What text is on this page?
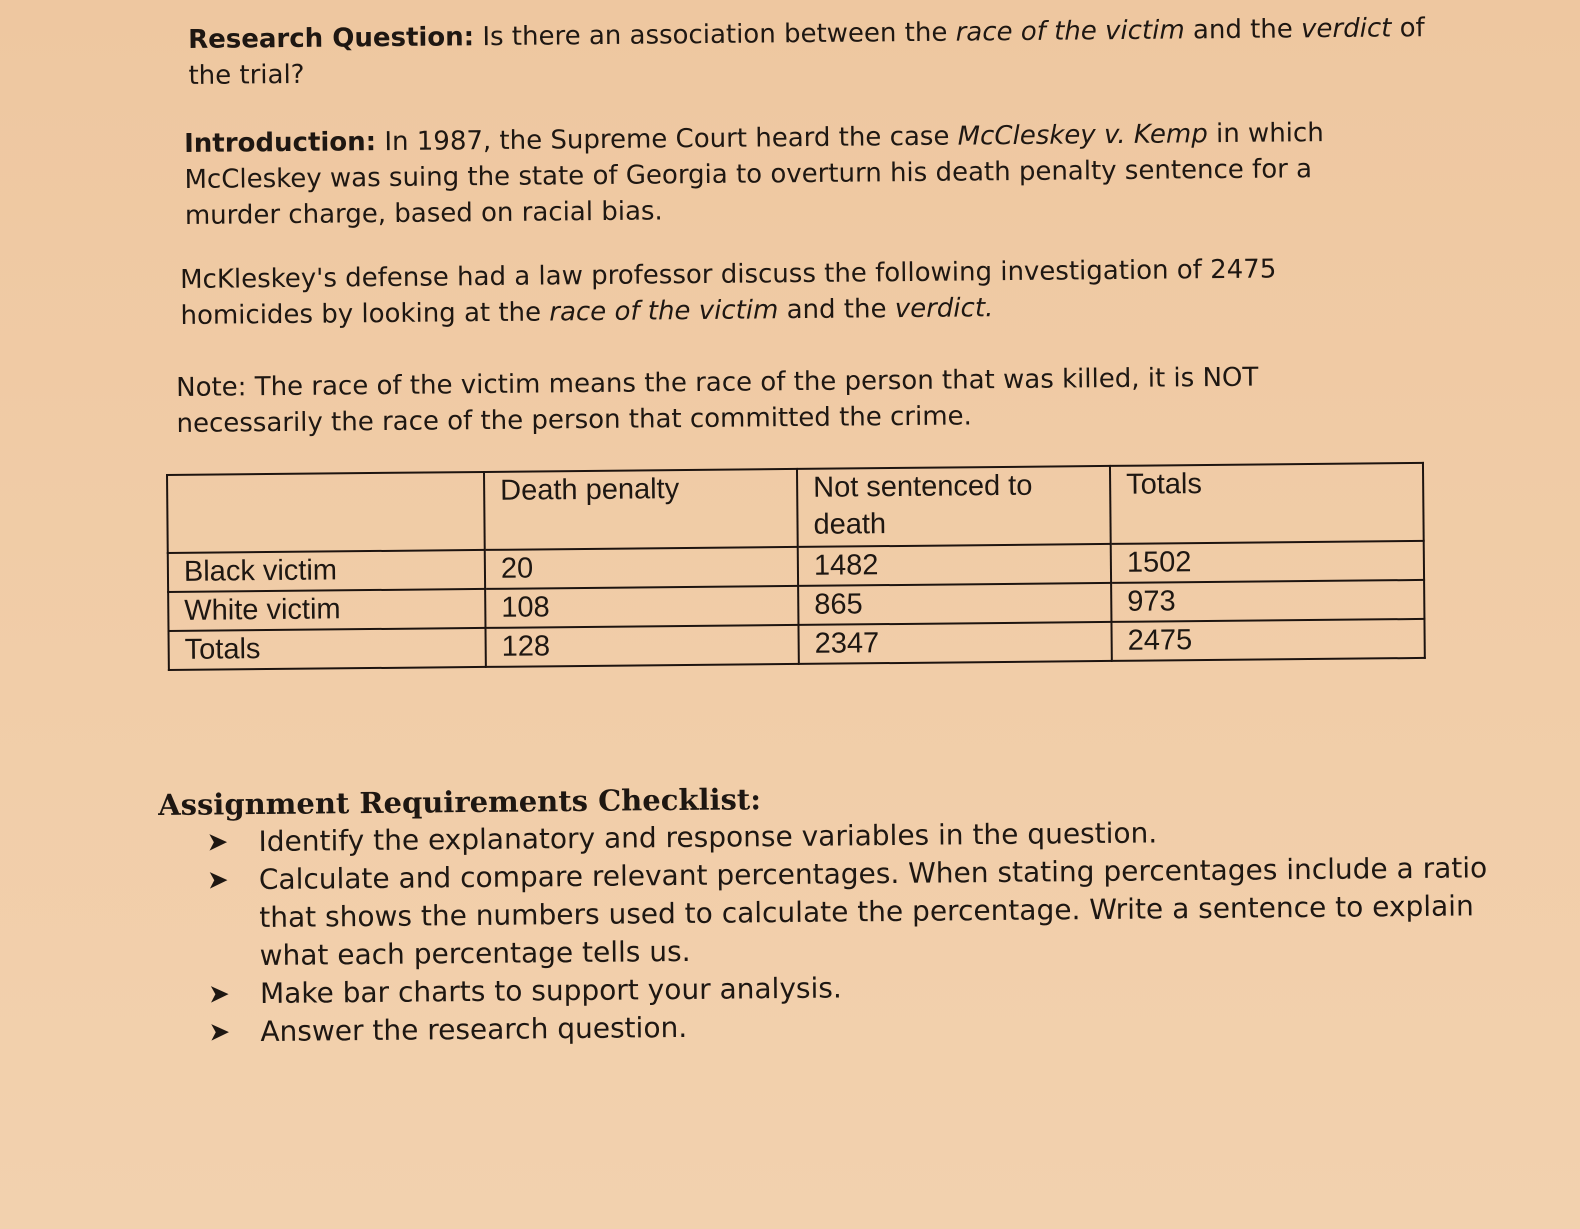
Research Question: Is there an association between the race of the victim and the verdict of the trial?

Introduction: In 1987, the Supreme Court heard the case McCleskey v. Kemp in which McCleskey was suing the state of Georgia to overturn his death penalty sentence for a murder charge, based on racial bias.

McKleskey's defense had a law professor discuss the following investigation of 2475 homicides by looking at the race of the victim and the verdict.

Note: The race of the victim means the race of the person that was killed, it is NOT necessarily the race of the person that committed the crime.

	Death penalty	Not sentenced to death	Totals
Black victim	20	1482	1502
White victim	108	865	973
Totals	128	2347	2475

Assignment Requirements Checklist:

➤ Identify the explanatory and response variables in the question.
➤ Calculate and compare relevant percentages. When stating percentages include a ratio that shows the numbers used to calculate the percentage. Write a sentence to explain what each percentage tells us.
➤ Make bar charts to support your analysis.
➤ Answer the research question.
